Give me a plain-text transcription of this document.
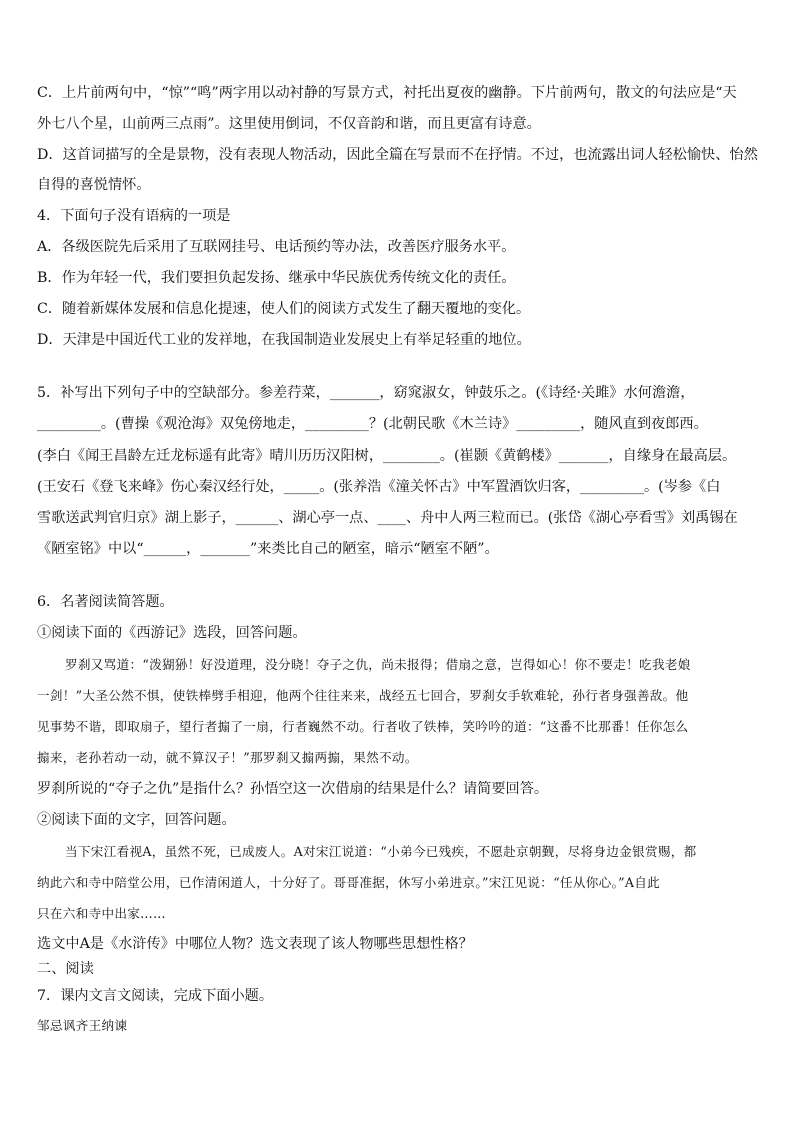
C．上片前两句中，“惊”“鸣”两字用以动衬静的写景方式，衬托出夏夜的幽静。下片前两句，散文的句法应是“天
外七八个星，山前两三点雨”。这里使用倒词，不仅音韵和谐，而且更富有诗意。
D．这首词描写的全是景物，没有表现人物活动，因此全篇在写景而不在抒情。不过，也流露出词人轻松愉快、怡然
自得的喜悦情怀。
4．下面句子没有语病的一项是
A．各级医院先后采用了互联网挂号、电话预约等办法，改善医疗服务水平。
B．作为年轻一代，我们要担负起发扬、继承中华民族优秀传统文化的责任。
C．随着新媒体发展和信息化提速，使人们的阅读方式发生了翻天覆地的变化。
D．天津是中国近代工业的发祥地，在我国制造业发展史上有举足轻重的地位。
5．补写出下列句子中的空缺部分。参差荇菜，_______，窈窕淑女，钟鼓乐之。(《诗经·关雎》水何澹澹，
_________。(曹操《观沧海》双兔傍地走，_________？(北朝民歌《木兰诗》_________，随风直到夜郎西。
(李白《闻王昌龄左迁龙标遥有此寄》晴川历历汉阳树，________。(崔颢《黄鹤楼》_______，自缘身在最高层。
(王安石《登飞来峰》伤心秦汉经行处，_____。(张养浩《潼关怀古》中军置酒饮归客，_________。(岑参《白
雪歌送武判官归京》湖上影子，______、湖心亭一点、____、舟中人两三粒而已。(张岱《湖心亭看雪》刘禹锡在
《陋室铭》中以“______，_______”来类比自己的陋室，暗示“陋室不陋”。
6．名著阅读简答题。
①阅读下面的《西游记》选段，回答问题。
罗刹又骂道：“泼猢狲！好没道理，没分晓！夺子之仇，尚未报得；借扇之意，岂得如心！你不要走！吃我老娘
一剑！”大圣公然不惧，使铁棒劈手相迎，他两个往往来来，战经五七回合，罗刹女手软难轮，孙行者身强善敌。他
见事势不谐，即取扇子，望行者搧了一扇，行者巍然不动。行者收了铁棒，笑吟吟的道：“这番不比那番！任你怎么
搧来，老孙若动一动，就不算汉子！”那罗刹又搧两搧，果然不动。
罗刹所说的“夺子之仇”是指什么？孙悟空这一次借扇的结果是什么？请简要回答。
②阅读下面的文字，回答问题。
当下宋江看视A，虽然不死，已成废人。A对宋江说道：“小弟今已残疾，不愿赴京朝觐，尽将身边金银赏赐，都
纳此六和寺中陪堂公用，已作清闲道人，十分好了。哥哥准据，休写小弟进京。”宋江见说：“任从你心。”A自此
只在六和寺中出家……
选文中A是《水浒传》中哪位人物？选文表现了该人物哪些思想性格？
二、阅读
7．课内文言文阅读，完成下面小题。
邹忌讽齐王纳谏
